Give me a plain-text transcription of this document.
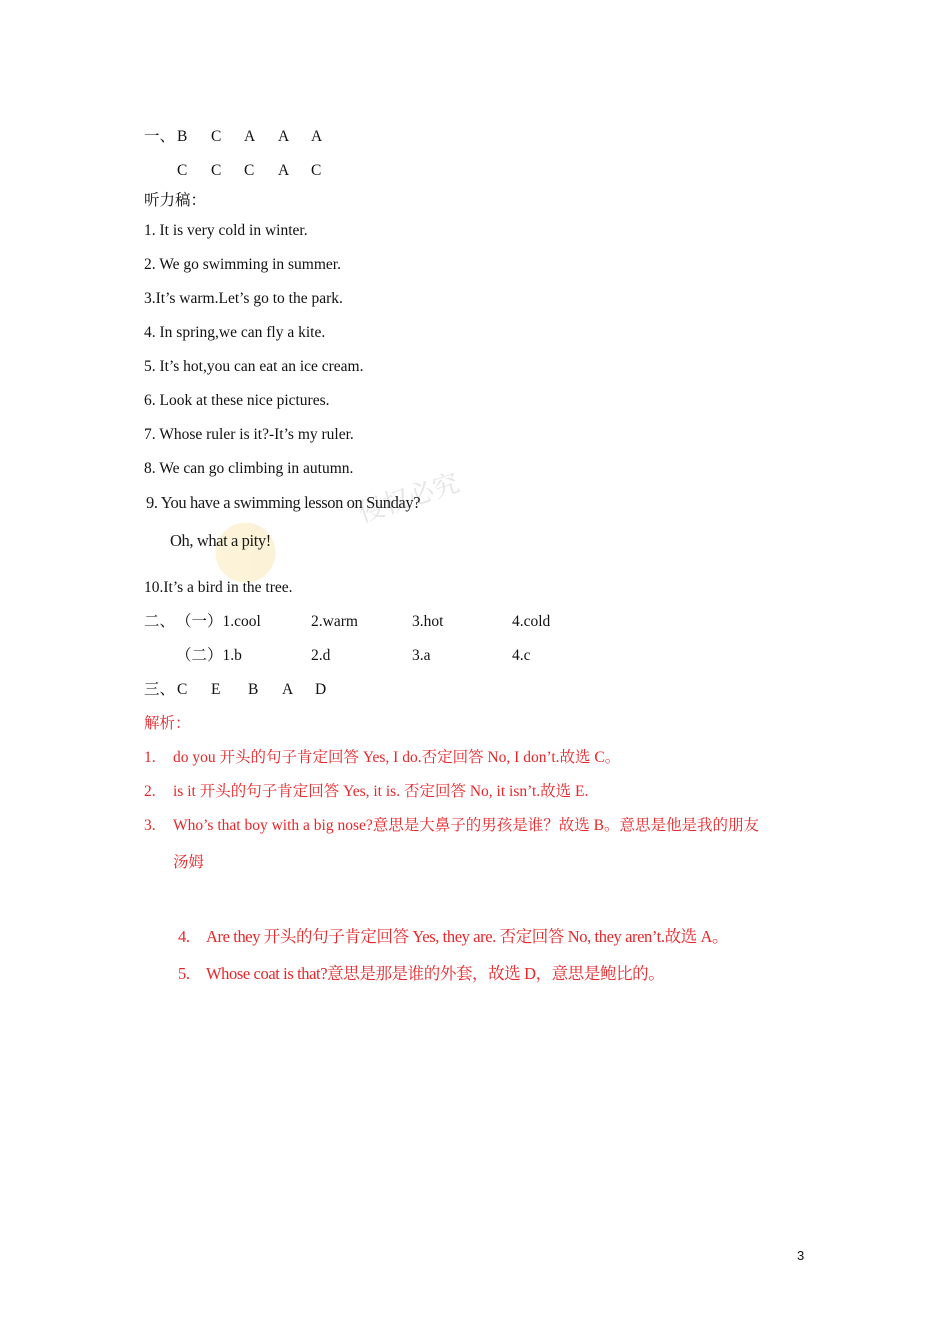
一、 B C A A A
C C C A C
听力稿：
1. It is very cold in winter.
2. We go swimming in summer.
3.It’s warm.Let’s go to the park.
4. In spring,we can fly a kite.
5. It’s hot,you can eat an ice cream.
6. Look at these nice pictures.
7. Whose ruler is it?-It’s my ruler.
8. We can go climbing in autumn. 侵权必究
9. You have a swimming lesson on Sunday?
Oh, what a pity!
10.It’s a bird in the tree.
二、 （一）1.cool	2.warm	3.hot	4.cold
（二）1.b	2.d	3.a	4.c
三、 C E B A D
解析：
1. do you 开头的句子肯定回答 Yes, I do.否定回答 No, I don’t.故选 C。
2. is it 开头的句子肯定回答 Yes, it is. 否定回答 No, it isn’t.故选 E.
3. Who’s that boy with a big nose?意思是大鼻子的男孩是谁？故选 B。意思是他是我的朋友
汤姆
4. Are they 开头的句子肯定回答 Yes, they are. 否定回答 No, they aren’t.故选 A。
5. Whose coat is that?意思是那是谁的外套，故选 D，意思是鲍比的。
3
